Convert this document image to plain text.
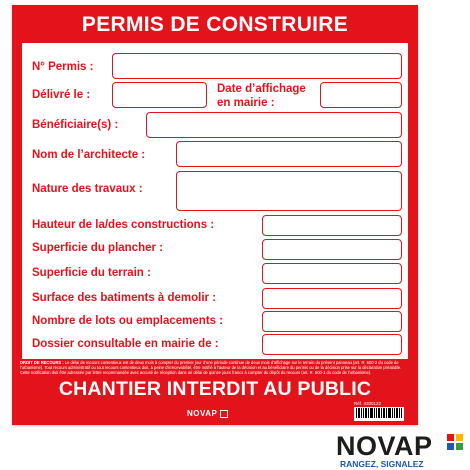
PERMIS DE CONSTRUIRE
N° Permis :
Délivré le :	Date d’affichage
en mairie :
Bénéficiaire(s) :
Nom de l’architecte :
Nature des travaux :
Hauteur de la/des constructions :
Superficie du plancher :
Superficie du terrain :
Surface des batiments à demolir :
Nombre de lots ou emplacements :
Dossier consultable en mairie de :
DROIT DE RECOURS : Le délai de recours contentieux est de deux mois à compter du premier jour d'une période continue de deux mois d'affichage sur le terrain du présent panneau (art. R. 600-2 du code de l'urbanisme). Tout recours administratif ou tout recours contentieux doit, à peine d'irrecevabilité, être notifié à l'auteur de la décision et au bénéficiaire du permis ou de la décision prise sur la déclaration préalable. Cette notification doit être adressée par lettre recommandée avec accusé de réception dans un délai de quinze jours francs à compter du dépôt du recours (art. R. 600-1 du code de l'urbanisme).
CHANTIER INTERDIT AU PUBLIC
NOVAP
Réf. 4300122
NOVAP
RANGEZ, SIGNALEZ
